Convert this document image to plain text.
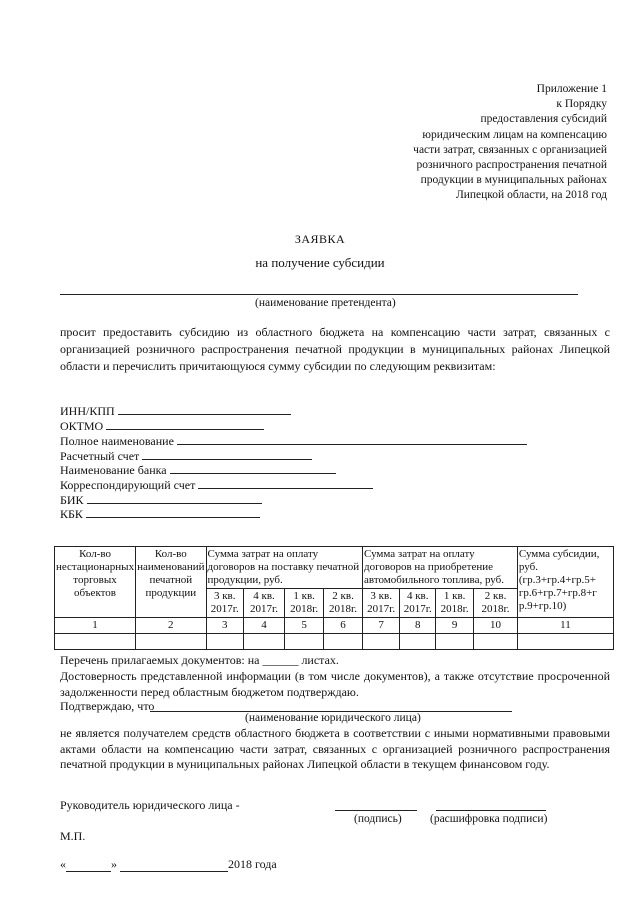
Приложение 1
к Порядку
предоставления субсидий
юридическим лицам на компенсацию
части затрат, связанных с организацией
розничного распространения печатной
продукции в муниципальных районах
Липецкой области, на 2018 год
ЗАЯВКА
на получение субсидии
(наименование претендента)
просит предоставить субсидию из областного бюджета на компенсацию части затрат, связанных с организацией розничного распространения печатной продукции в муниципальных районах Липецкой области и перечислить причитающуюся сумму субсидии по следующим реквизитам:
ИНН/КПП
ОКТМО
Полное наименование
Расчетный счет
Наименование банка
Корреспондирующий счет
БИК
КБК
Кол-во нестационарных торговых объектов	Кол-во наименований печатной продукции	Сумма затрат на оплату договоров на поставку печатной продукции, руб.				Сумма затрат на оплату договоров на приобретение автомобильного топлива, руб.				Сумма субсидии, руб. (гр.3+гр.4+гр.5+ гр.6+гр.7+гр.8+г р.9+гр.10)
		3 кв. 2017г.	4 кв. 2017г.	1 кв. 2018г.	2 кв. 2018г.	3 кв. 2017г.	4 кв. 2017г.	1 кв. 2018г.	2 кв. 2018г.	
1	2	3	4	5	6	7	8	9	10	11

Перечень прилагаемых документов: на ______ листах.
Достоверность представленной информации (в том числе документов), а также отсутствие просроченной задолженности перед областным бюджетом подтверждаю.
Подтверждаю, что
(наименование юридического лица)
не является получателем средств областного бюджета в соответствии с иными нормативными правовыми актами области на компенсацию части затрат, связанных с организацией розничного распространения печатной продукции в муниципальных районах Липецкой области в текущем финансовом году.
Руководитель юридического лица -
(подпись) (расшифровка подписи)
М.П.
«	»	2018 года
